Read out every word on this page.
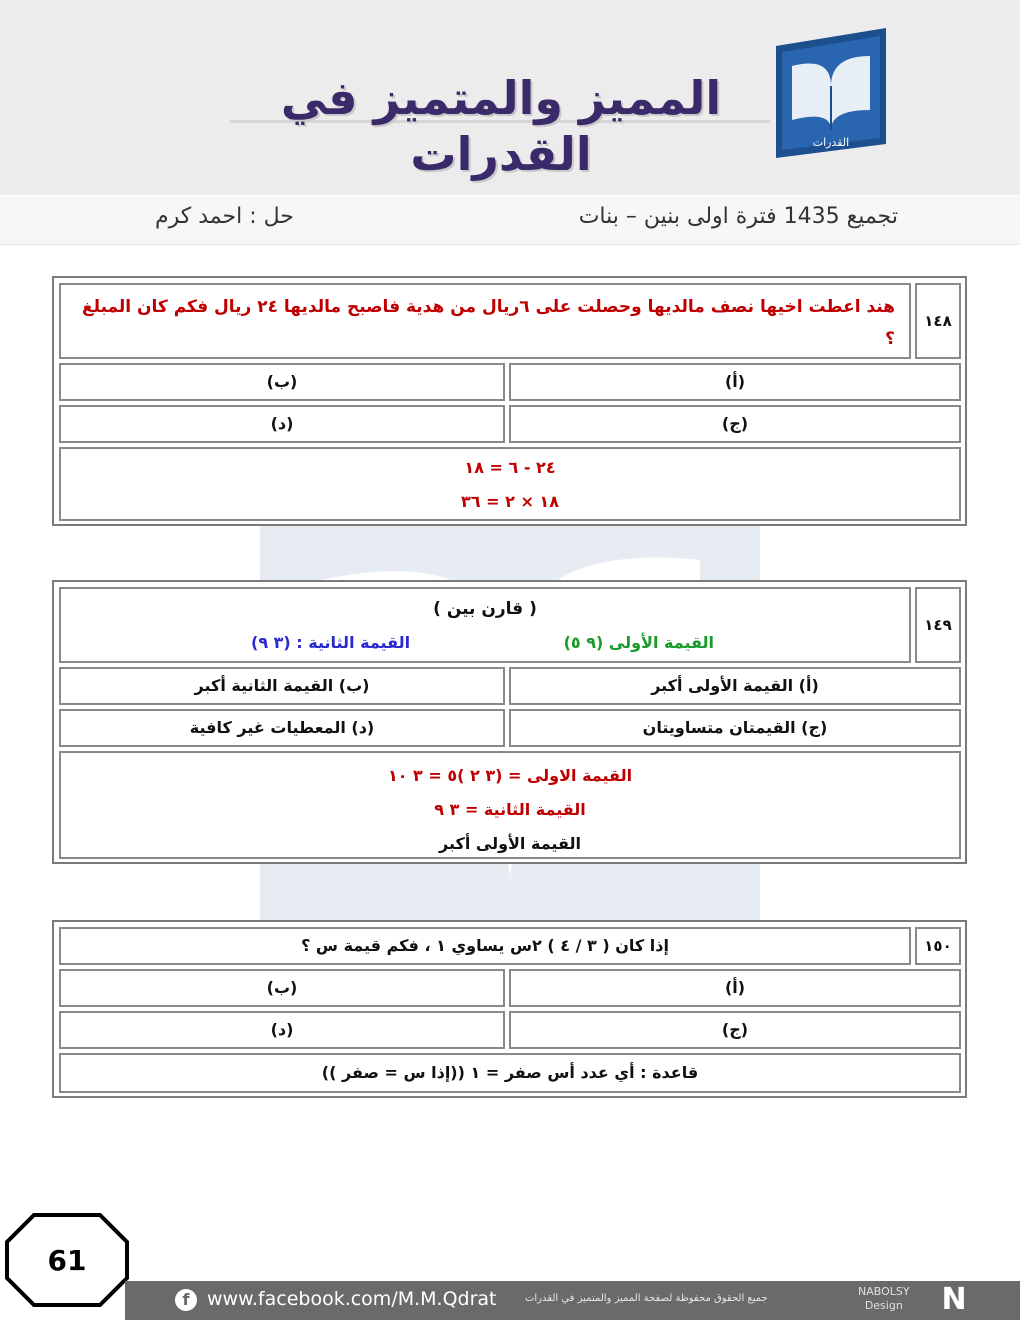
المميز والمتميز في القدرات	القدرات
تجميع 1435 فترة اولى بنين – بنات
حل : احمد كرم
١٤٨
هند اعطت اخيها نصف مالديها وحصلت على ٦ريال من هدية فاصبح مالديها ٢٤ ريال فكم كان المبلغ ؟
(أ)
(ب)
(ج)
(د)
٢٤ - ٦ = ١٨
١٨ × ٢ = ٣٦
١٤٩
( قارن بين )
القيمة الأولى (٩ ٥)
القيمة الثانية : (٣ ٩)
(أ) القيمة الأولى أكبر
(ب) القيمة الثانية أكبر
(ج) القيمتان متساويتان
(د) المعطيات غير كافية
القيمة الاولى = (٣ ٢ )٥ = ٣ ١٠
القيمة الثانية = ٣ ٩
القيمة الأولى أكبر
١٥٠
إذا كان ( ٣ / ٤ ) ٢س يساوي ١ ، فكم قيمة س ؟
(أ)
(ب)
(ج)
(د)
قاعدة : أي عدد أس صفر = ١ ((إذا س = صفر ))
61
f www.facebook.com/M.M.Qdrat	جميع الحقوق محفوظة لصفحة المميز والمتميز في القدرات
NABOLSY
Design N
